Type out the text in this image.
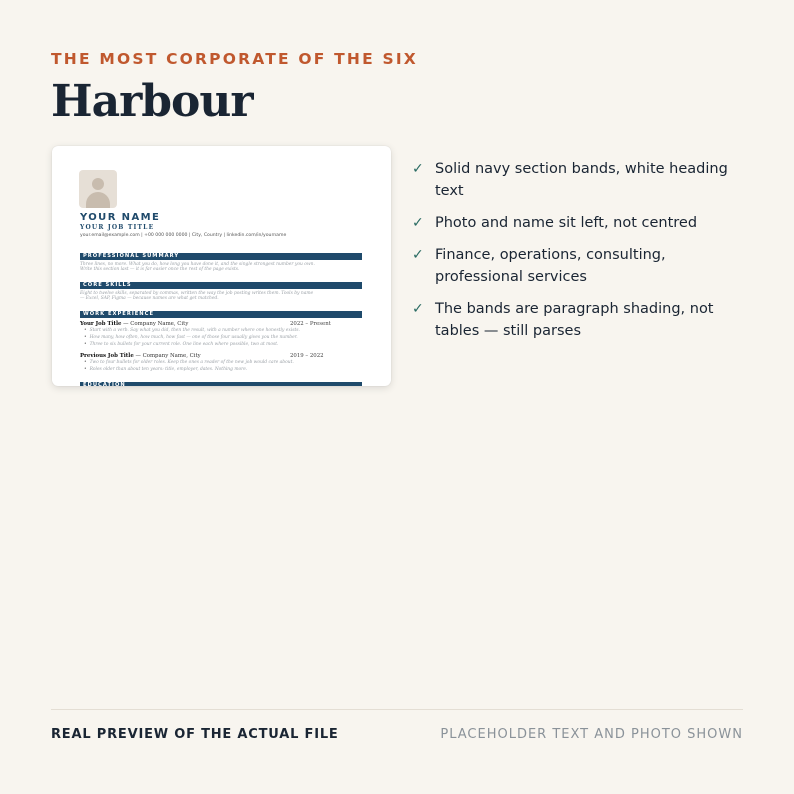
THE MOST CORPORATE OF THE SIX
Harbour
YOUR NAME
YOUR JOB TITLE
your.email@example.com | +00 000 000 0000 | City, Country | linkedin.com/in/yourname
PROFESSIONAL SUMMARY
Three lines, no more. What you do, how long you have done it, and the single strongest number you own.
Write this section last — it is far easier once the rest of the page exists.
CORE SKILLS
Eight to twelve skills, separated by commas, written the way the job posting writes them. Tools by name
— Excel, SAP, Figma — because names are what get matched.
WORK EXPERIENCE
Your Job Title — Company Name, City	2022 – Present
• Start with a verb. Say what you did, then the result, with a number where one honestly exists.
• How many, how often, how much, how fast — one of those four usually gives you the number.
• Three to six bullets for your current role. One line each where possible, two at most.
Previous Job Title — Company Name, City	2019 – 2022
• Two to four bullets for older roles. Keep the ones a reader of the new job would care about.
• Roles older than about ten years: title, employer, dates. Nothing more.
EDUCATION
✓ Solid navy section bands, white heading text
✓ Photo and name sit left, not centred
✓ Finance, operations, consulting, professional services
✓ The bands are paragraph shading, not tables — still parses
REAL PREVIEW OF THE ACTUAL FILE	PLACEHOLDER TEXT AND PHOTO SHOWN
